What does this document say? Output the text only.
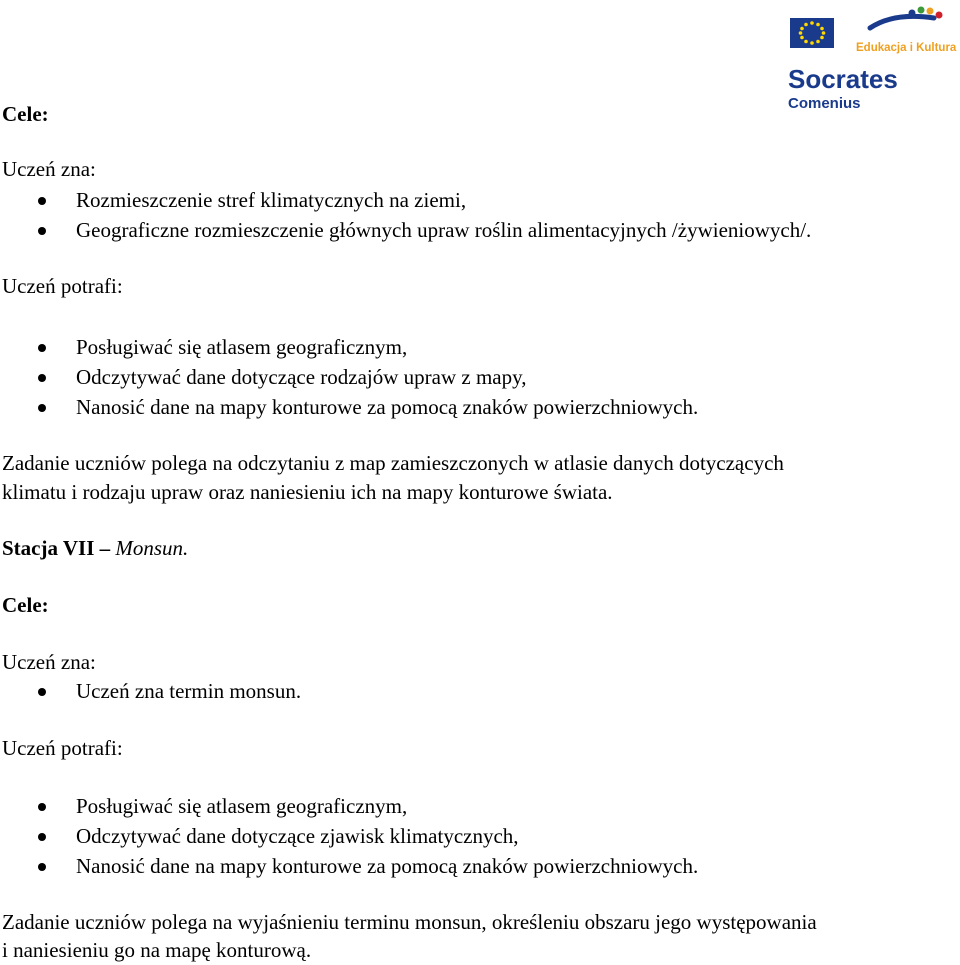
Edukacja i Kultura
Socrates
Comenius
Cele:
Uczeń zna:
Rozmieszczenie stref klimatycznych na ziemi,
Geograficzne rozmieszczenie głównych upraw roślin alimentacyjnych /żywieniowych/.
Uczeń potrafi:
Posługiwać się atlasem geograficznym,
Odczytywać dane dotyczące rodzajów upraw z mapy,
Nanosić dane na mapy konturowe za pomocą znaków powierzchniowych.
Zadanie uczniów polega na odczytaniu z map zamieszczonych w atlasie danych dotyczących
klimatu i rodzaju upraw oraz naniesieniu ich na mapy konturowe świata.
Stacja VII – Monsun.
Cele:
Uczeń zna:
Uczeń zna termin monsun.
Uczeń potrafi:
Posługiwać się atlasem geograficznym,
Odczytywać dane dotyczące zjawisk klimatycznych,
Nanosić dane na mapy konturowe za pomocą znaków powierzchniowych.
Zadanie uczniów polega na wyjaśnieniu terminu monsun, określeniu obszaru jego występowania
i naniesieniu go na mapę konturową.
